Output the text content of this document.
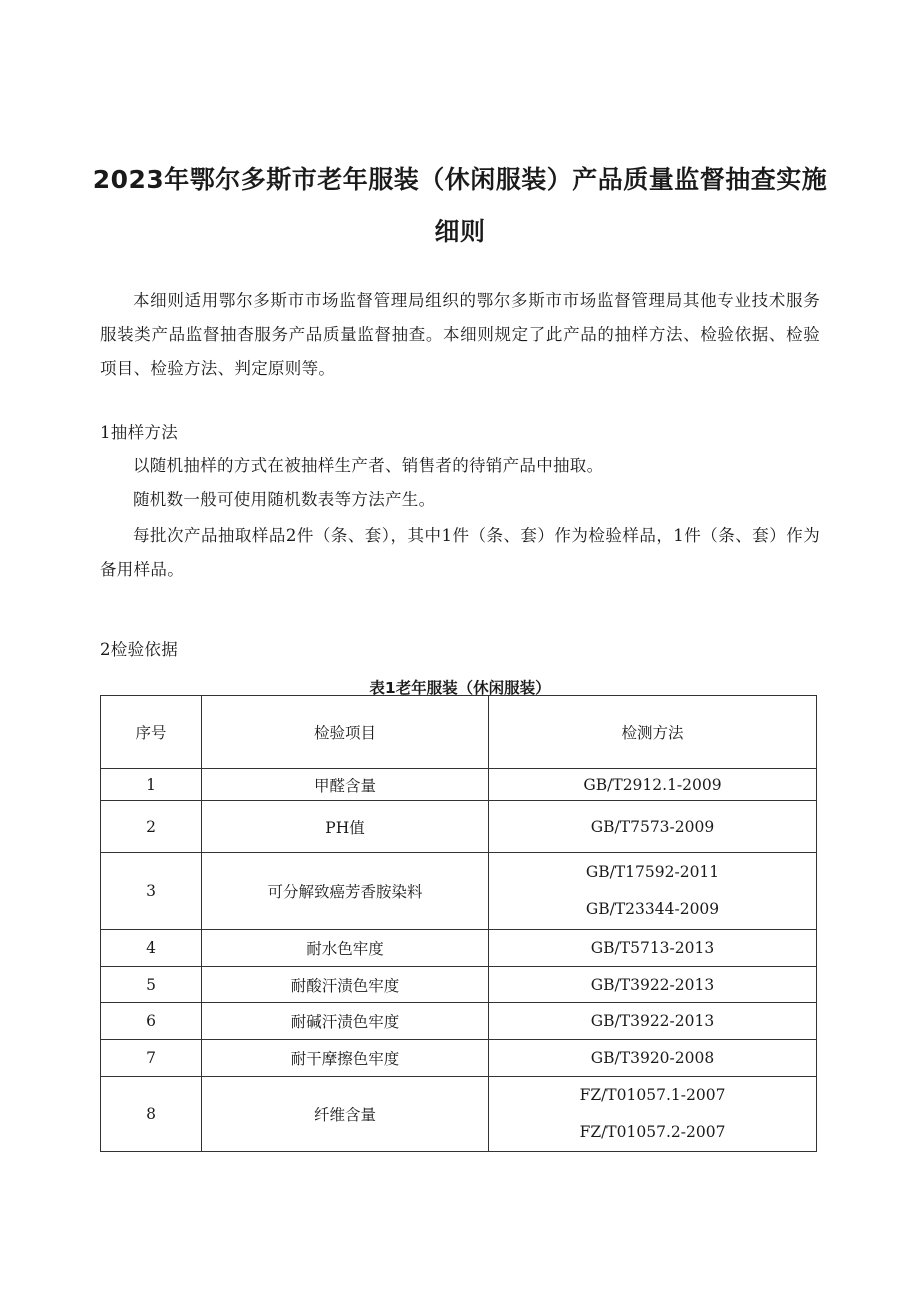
2023年鄂尔多斯市老年服装（休闲服装）产品质量监督抽查实施
细则
本细则适用鄂尔多斯市市场监督管理局组织的鄂尔多斯市市场监督管理局其他专业技术服务服装类产品监督抽杳服务产品质量监督抽查。本细则规定了此产品的抽样方法、检验依据、检验项目、检验方法、判定原则等。
1抽样方法
以随机抽样的方式在被抽样生产者、销售者的待销产品中抽取。
随机数一般可使用随机数表等方法产生。
每批次产品抽取样品2件（条、套），其中1件（条、套）作为检验样品，1件（条、套）作为备用样品。
2检验依据
表1老年服装（休闲服装）
序号	检验项目	检测方法
1	甲醛含量	GB/T2912.1-2009
2	PH值	GB/T7573-2009
3	可分解致癌芳香胺染料	GB/T17592-2011
GB/T23344-2009

4	耐水色牢度	GB/T5713-2013
5	耐酸汗渍色牢度	GB/T3922-2013
6	耐碱汗渍色牢度	GB/T3922-2013
7	耐干摩擦色牢度	GB/T3920-2008
8	纤维含量	FZ/T01057.1-2007
FZ/T01057.2-2007
